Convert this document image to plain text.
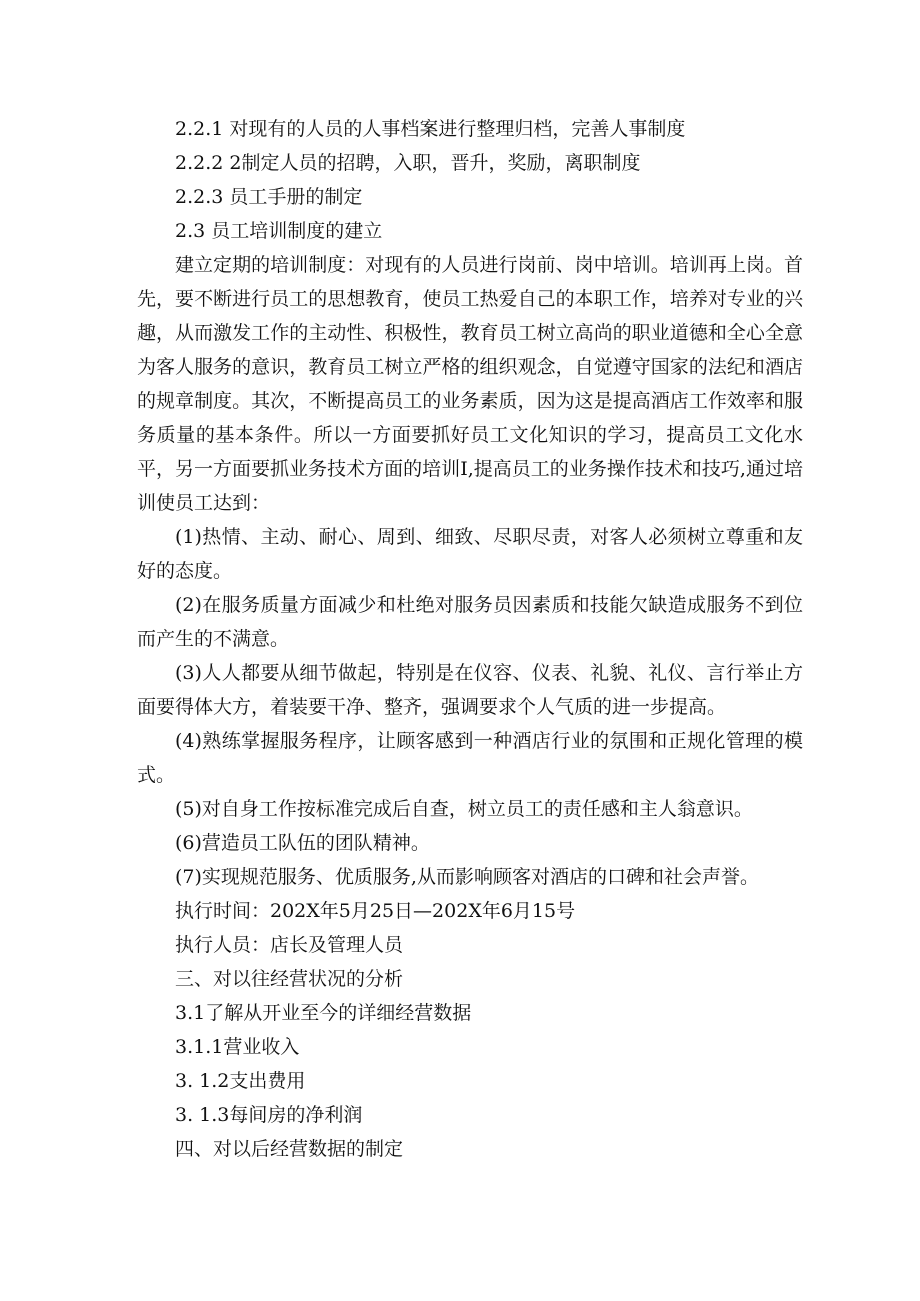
2.2.1 对现有的人员的人事档案进行整理归档，完善人事制度

2.2.2 2制定人员的招聘，入职，晋升，奖励，离职制度

2.2.3 员工手册的制定

2.3 员工培训制度的建立

建立定期的培训制度：对现有的人员进行岗前、岗中培训。培训再上岗。首先，要不断进行员工的思想教育，使员工热爱自己的本职工作，培养对专业的兴趣，从而激发工作的主动性、积极性，教育员工树立高尚的职业道德和全心全意为客人服务的意识，教育员工树立严格的组织观念，自觉遵守国家的法纪和酒店的规章制度。其次，不断提高员工的业务素质，因为这是提高酒店工作效率和服务质量的基本条件。所以一方面要抓好员工文化知识的学习，提高员工文化水平，另一方面要抓业务技术方面的培训I,提高员工的业务操作技术和技巧,通过培训使员工达到：

(1)热情、主动、耐心、周到、细致、尽职尽责，对客人必须树立尊重和友好的态度。

(2)在服务质量方面减少和杜绝对服务员因素质和技能欠缺造成服务不到位而产生的不满意。

(3)人人都要从细节做起，特别是在仪容、仪表、礼貌、礼仪、言行举止方面要得体大方，着装要干净、整齐，强调要求个人气质的进一步提高。

(4)熟练掌握服务程序，让顾客感到一种酒店行业的氛围和正规化管理的模式。

(5)对自身工作按标准完成后自查，树立员工的责任感和主人翁意识。

(6)营造员工队伍的团队精神。

(7)实现规范服务、优质服务,从而影响顾客对酒店的口碑和社会声誉。

执行时间：202X年5月25日—202X年6月15号

执行人员：店长及管理人员

三、对以往经营状况的分析

3.1了解从开业至今的详细经营数据

3.1.1营业收入

3. 1.2支出费用

3. 1.3每间房的净利润

四、对以后经营数据的制定
